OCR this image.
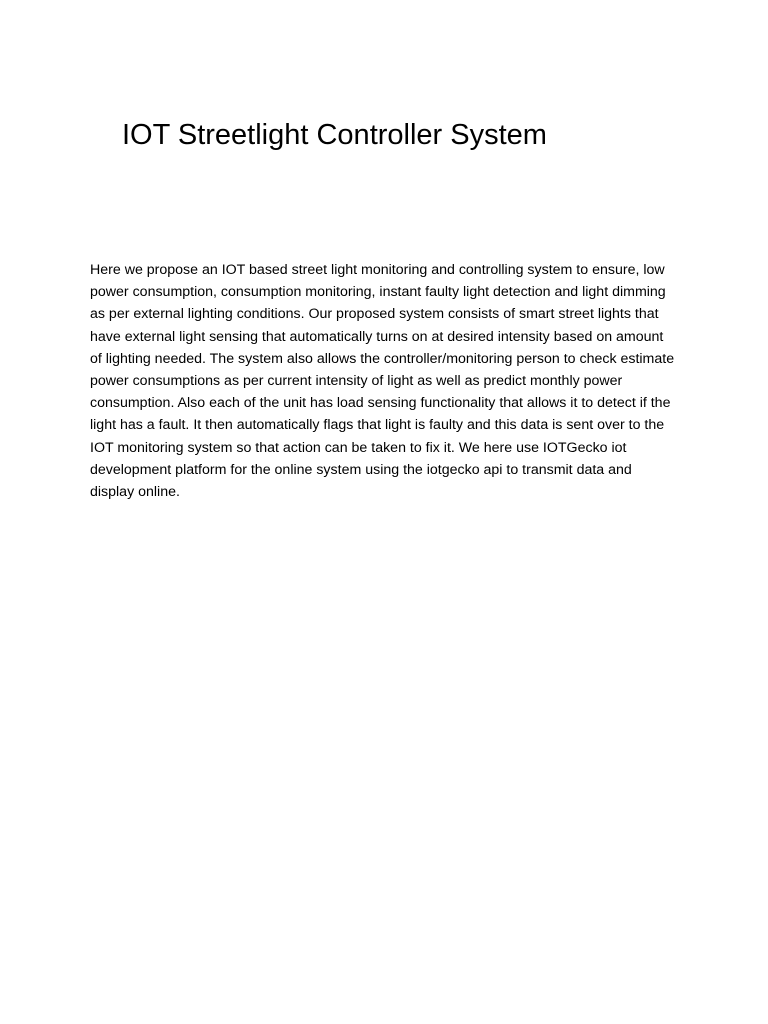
IOT Streetlight Controller System

Here we propose an IOT based street light monitoring and controlling system to ensure, low power consumption, consumption monitoring, instant faulty light detection and light dimming as per external lighting conditions. Our proposed system consists of smart street lights that have external light sensing that automatically turns on at desired intensity based on amount of lighting needed. The system also allows the controller/monitoring person to check estimate power consumptions as per current intensity of light as well as predict monthly power consumption. Also each of the unit has load sensing functionality that allows it to detect if the light has a fault. It then automatically flags that light is faulty and this data is sent over to the IOT monitoring system so that action can be taken to fix it. We here use IOTGecko iot development platform for the online system using the iotgecko api to transmit data and display online.
